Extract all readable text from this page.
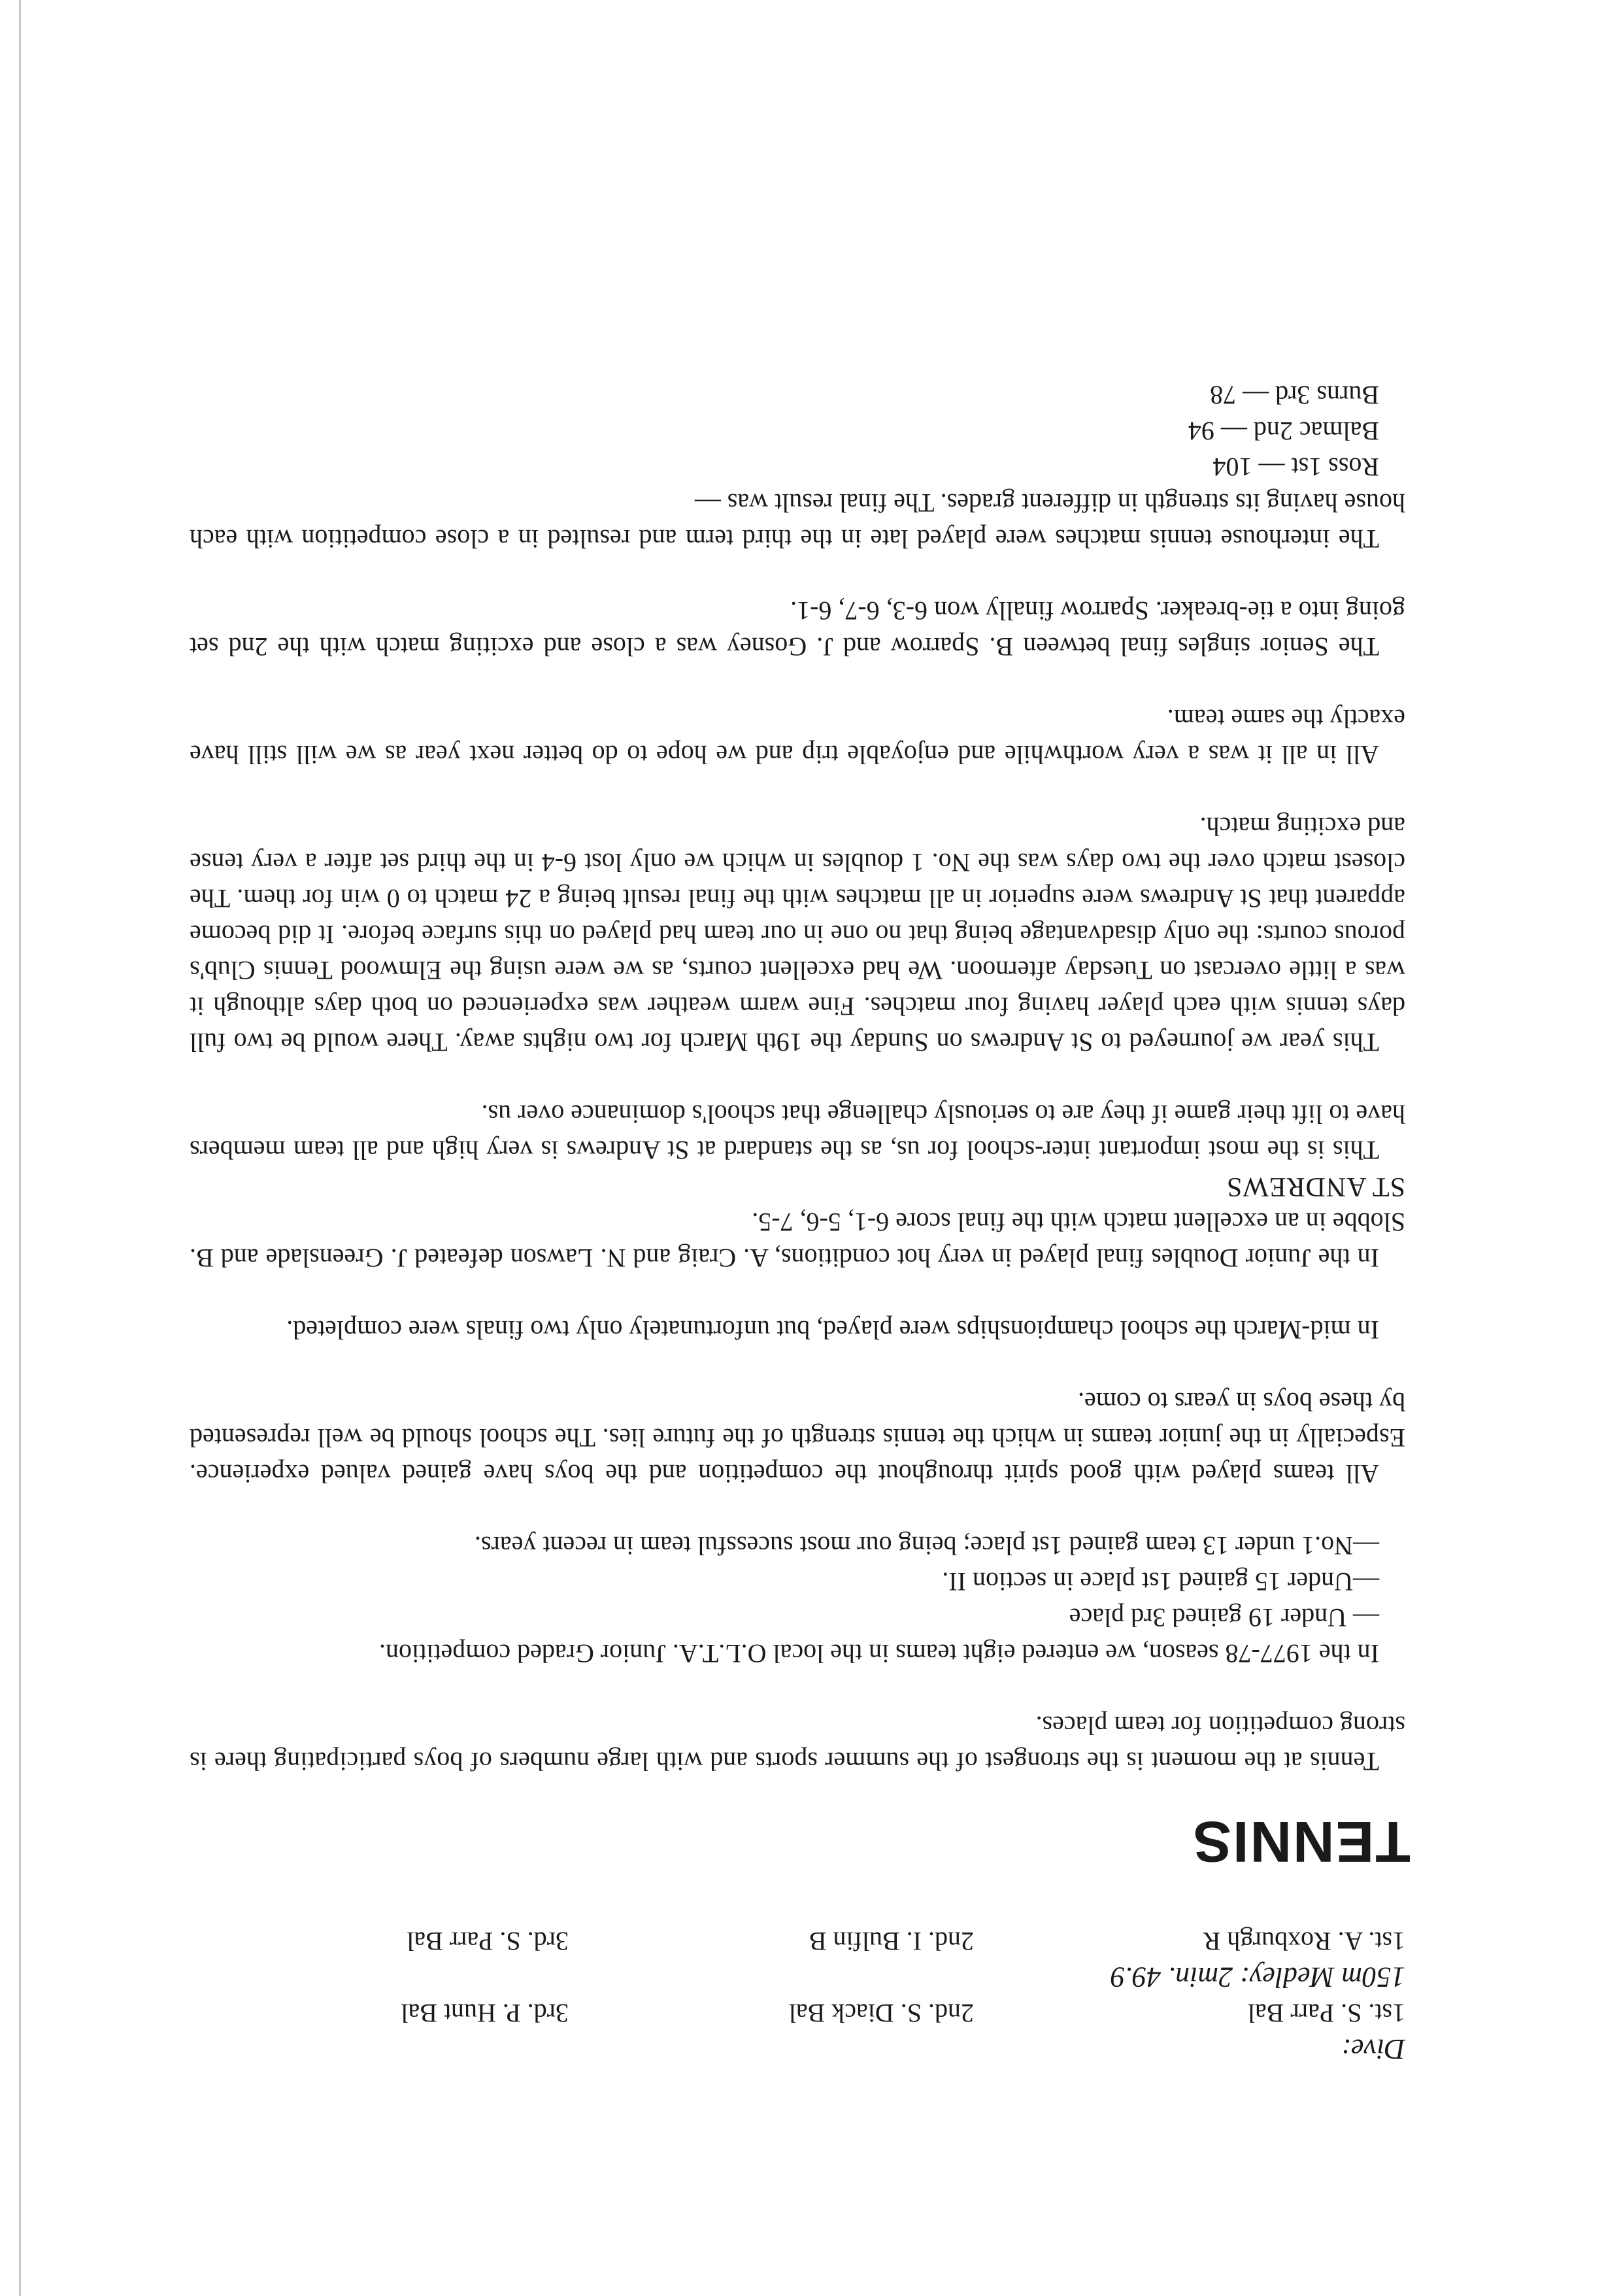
Dive:

1st. S. Parr Bal
2nd. S. Diack Bal
3rd. P. Hunt Bal

150m Medley: 2min. 49.9

1st. A. Roxburgh R
2nd. I. Bulfin B
3rd. S. Parr Bal
TENNIS

Tennis at the moment is the strongest of the summer sports and with large numbers of boys participating there is strong competition for team places.

In the 1977-78 season, we entered eight teams in the local O.L.T.A. Junior Graded competition.

— Under 19 gained 3rd place

—Under 15 gained 1st place in section II.

—No.1 under 13 team gained 1st place; being our most sucessful team in recent years.

All teams played with good spirit throughout the competition and the boys have gained valued experience. Especially in the junior teams in which the tennis strength of the future lies. The school should be well represented by these boys in years to come.

In mid-March the school championships were played, but unfortunately only two finals were completed.

In the Junior Doubles final played in very hot conditions, A. Craig and N. Lawson defeated J. Greenslade and B. Slobbe in an excellent match with the final score 6-1, 5-6, 7-5.

ST ANDREWS

This is the most important inter-school for us, as the standard at St Andrews is very high and all team members have to lift their game if they are to seriously challenge that school's dominance over us.

This year we journeyed to St Andrews on Sunday the 19th March for two nights away. There would be two full days tennis with each player having four matches. Fine warm weather was experienced on both days although it was a little overcast on Tuesday afternoon. We had excellent courts, as we were using the Elmwood Tennis Club's porous courts: the only disadvantage being that no one in our team had played on this surface before. It did become apparent that St Andrews were superior in all matches with the final result being a 24 match to 0 win for them. The closest match over the two days was the No. 1 doubles in which we only lost 6-4 in the third set after a very tense and exciting match.

All in all it was a very worthwhile and enjoyable trip and we hope to do better next year as we will still have exactly the same team.

The Senior singles final between B. Sparrow and J. Gosney was a close and exciting match with the 2nd set going into a tie-breaker. Sparrow finally won 6-3, 6-7, 6-1.

The interhouse tennis matches were played late in the third term and resulted in a close competition with each house having its strength in different grades. The final result was —

Ross 1st — 104

Balmac 2nd — 94

Burns 3rd — 78
